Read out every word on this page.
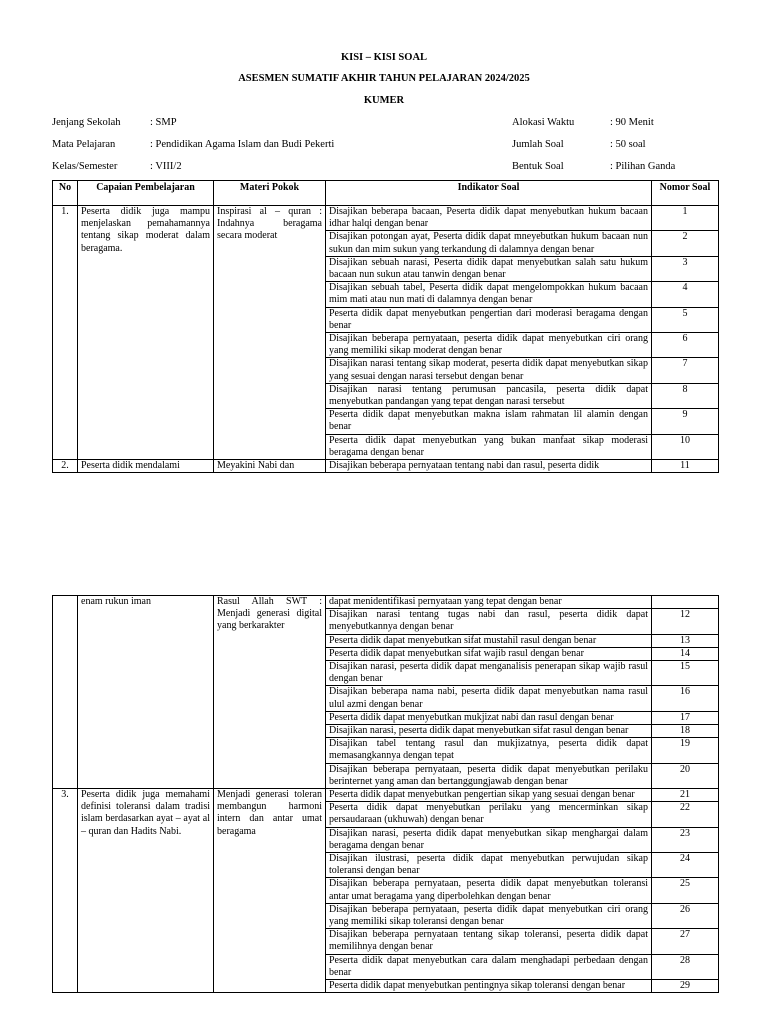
KISI – KISI SOAL
ASESMEN SUMATIF AKHIR TAHUN PELAJARAN 2024/2025
KUMER
Jenjang Sekolah	: SMP
Mata Pelajaran	: Pendidikan Agama Islam dan Budi Pekerti
Kelas/Semester	: VIII/2
Alokasi Waktu	: 90 Menit
Jumlah Soal	: 50 soal
Bentuk Soal	: Pilihan Ganda
No	Capaian Pembelajaran	Materi Pokok	Indikator Soal	Nomor Soal
1.	Peserta didik juga mampu menjelaskan pemahamannya tentang sikap moderat dalam beragama.	Inspirasi al – quran : Indahnya beragama secara moderat	Disajikan beberapa bacaan, Peserta didik dapat menyebutkan hukum bacaan idhar halqi dengan benar	1
			Disajikan potongan ayat, Peserta didik dapat mneyebutkan hukum bacaan nun sukun dan mim sukun yang terkandung di dalamnya dengan benar	2
			Disajikan sebuah narasi, Peserta didik dapat menyebutkan salah satu hukum bacaan nun sukun atau tanwin dengan benar	3
			Disajikan sebuah tabel, Peserta didik dapat mengelompokkan hukum bacaan mim mati atau nun mati di dalamnya dengan benar	4
			Peserta didik dapat menyebutkan pengertian dari moderasi beragama dengan benar	5
			Disajikan beberapa pernyataan, peserta didik dapat menyebutkan ciri orang yang memiliki sikap moderat dengan benar	6
			Disajikan narasi tentang sikap moderat, peserta didik dapat menyebutkan sikap yang sesuai dengan narasi tersebut dengan benar	7
			Disajikan narasi tentang perumusan pancasila, peserta didik dapat menyebutkan pandangan yang tepat dengan narasi tersebut	8
			Peserta didik dapat menyebutkan makna islam rahmatan lil alamin dengan benar	9
			Peserta didik dapat menyebutkan yang bukan manfaat sikap moderasi beragama dengan benar	10
2.	Peserta didik mendalami	Meyakini Nabi dan	Disajikan beberapa pernyataan tentang nabi dan rasul, peserta didik	11
	enam rukun iman	Rasul Allah SWT : Menjadi generasi digital yang berkarakter	dapat menidentifikasi pernyataan yang tepat dengan benar	
			Disajikan narasi tentang tugas nabi dan rasul, peserta didik dapat menyebutkannya dengan benar	12
			Peserta didik dapat menyebutkan sifat mustahil rasul dengan benar	13
			Peserta didik dapat menyebutkan sifat wajib rasul dengan benar	14
			Disajikan narasi, peserta didik dapat menganalisis penerapan sikap wajib rasul dengan benar	15
			Disajikan beberapa nama nabi, peserta didik dapat menyebutkan nama rasul ulul azmi dengan benar	16
			Peserta didik dapat menyebutkan mukjizat nabi dan rasul dengan benar	17
			Disajikan narasi, peserta didik dapat menyebutkan sifat rasul dengan benar	18
			Disajikan tabel tentang rasul dan mukjizatnya, peserta didik dapat memasangkannya dengan tepat	19
			Disajikan beberapa pernyataan, peserta didik dapat menyebutkan perilaku berinternet yang aman dan bertanggungjawab dengan benar	20
3.	Peserta didik juga memahami definisi toleransi dalam tradisi islam berdasarkan ayat – ayat al – quran dan Hadits Nabi.	Menjadi generasi toleran membangun harmoni intern dan antar umat beragama	Peserta didik dapat menyebutkan pengertian sikap yang sesuai dengan benar	21
			Peserta didik dapat menyebutkan perilaku yang mencerminkan sikap persaudaraan (ukhuwah) dengan benar	22
			Disajikan narasi, peserta didik dapat menyebutkan sikap menghargai dalam beragama dengan benar	23
			Disajikan ilustrasi, peserta didik dapat menyebutkan perwujudan sikap toleransi dengan benar	24
			Disajikan beberapa pernyataan, peserta didik dapat menyebutkan toleransi antar umat beragama yang diperbolehkan dengan benar	25
			Disajikan beberapa pernyataan, peserta didik dapat menyebutkan ciri orang yang memiliki sikap toleransi dengan benar	26
			Disajikan beberapa pernyataan tentang sikap toleransi, peserta didik dapat memilihnya dengan benar	27
			Peserta didik dapat menyebutkan cara dalam menghadapi perbedaan dengan benar	28
			Peserta didik dapat menyebutkan pentingnya sikap toleransi dengan benar	29
